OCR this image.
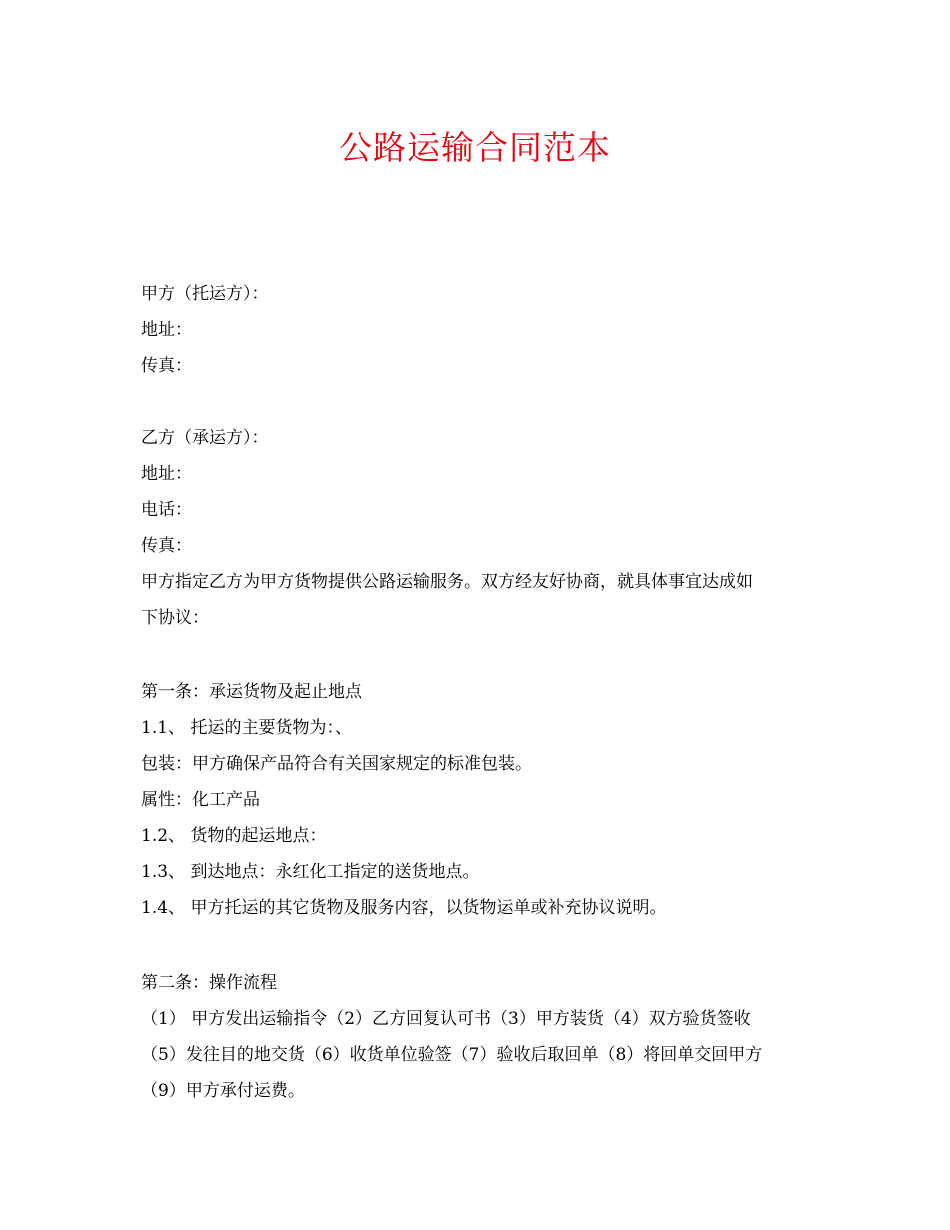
公路运输合同范本
甲方（托运方）：
地址：
传真：
乙方（承运方）：
地址：
电话：
传真：
甲方指定乙方为甲方货物提供公路运输服务。双方经友好协商，就具体事宜达成如
下协议：
第一条：承运货物及起止地点
1.1、 托运的主要货物为：、
包装：甲方确保产品符合有关国家规定的标准包装。
属性：化工产品
1.2、 货物的起运地点：
1.3、 到达地点：永红化工指定的送货地点。
1.4、 甲方托运的其它货物及服务内容，以货物运单或补充协议说明。
第二条：操作流程
（1） 甲方发出运输指令（2）乙方回复认可书（3）甲方装货（4）双方验货签收
（5）发往目的地交货（6）收货单位验签（7）验收后取回单（8）将回单交回甲方
（9）甲方承付运费。
